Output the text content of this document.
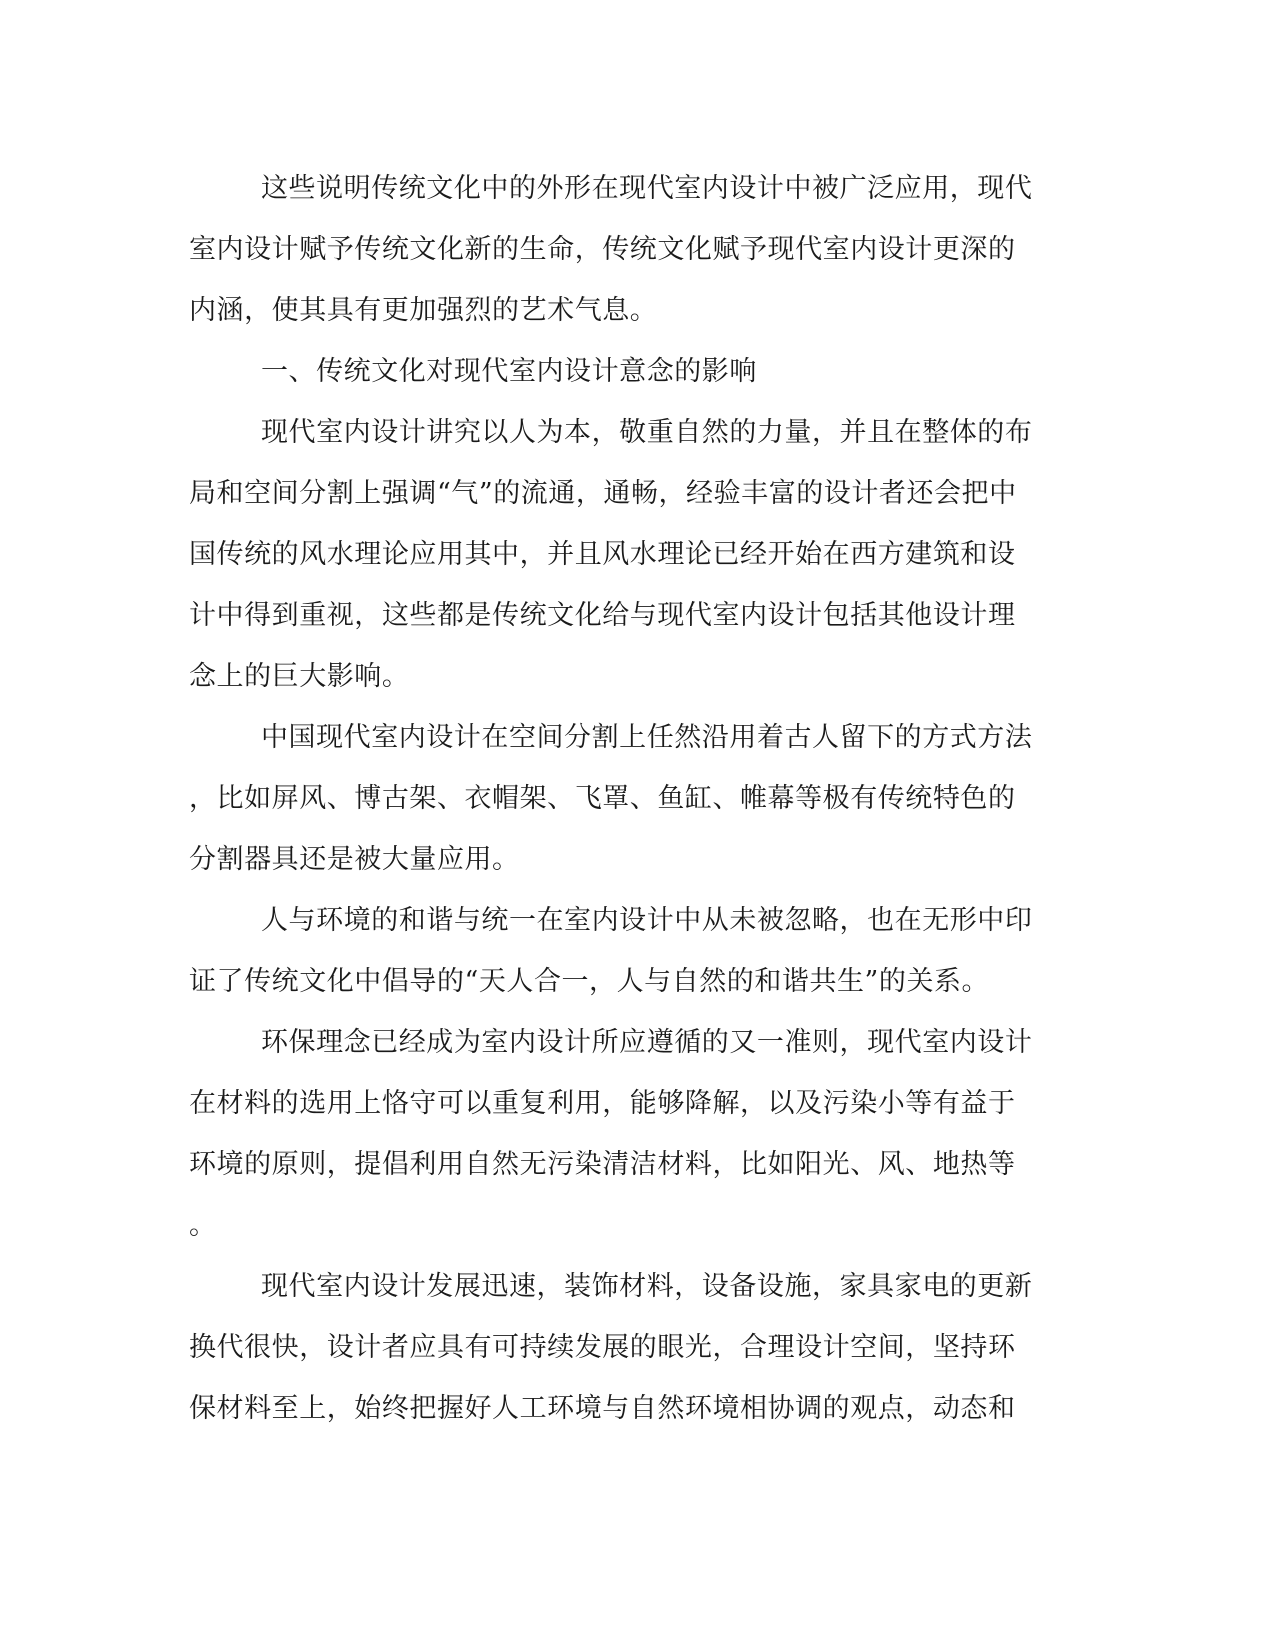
这些说明传统文化中的外形在现代室内设计中被广泛应用，现代
室内设计赋予传统文化新的生命，传统文化赋予现代室内设计更深的
内涵，使其具有更加强烈的艺术气息。
一、传统文化对现代室内设计意念的影响
现代室内设计讲究以人为本，敬重自然的力量，并且在整体的布
局和空间分割上强调“气”的流通，通畅，经验丰富的设计者还会把中
国传统的风水理论应用其中，并且风水理论已经开始在西方建筑和设
计中得到重视，这些都是传统文化给与现代室内设计包括其他设计理
念上的巨大影响。
中国现代室内设计在空间分割上任然沿用着古人留下的方式方法
，比如屏风、博古架、衣帽架、飞罩、鱼缸、帷幕等极有传统特色的
分割器具还是被大量应用。
人与环境的和谐与统一在室内设计中从未被忽略，也在无形中印
证了传统文化中倡导的“天人合一，人与自然的和谐共生”的关系。
环保理念已经成为室内设计所应遵循的又一准则，现代室内设计
在材料的选用上恪守可以重复利用，能够降解，以及污染小等有益于
环境的原则，提倡利用自然无污染清洁材料，比如阳光、风、地热等
。
现代室内设计发展迅速，装饰材料，设备设施，家具家电的更新
换代很快，设计者应具有可持续发展的眼光，合理设计空间，坚持环
保材料至上，始终把握好人工环境与自然环境相协调的观点，动态和
